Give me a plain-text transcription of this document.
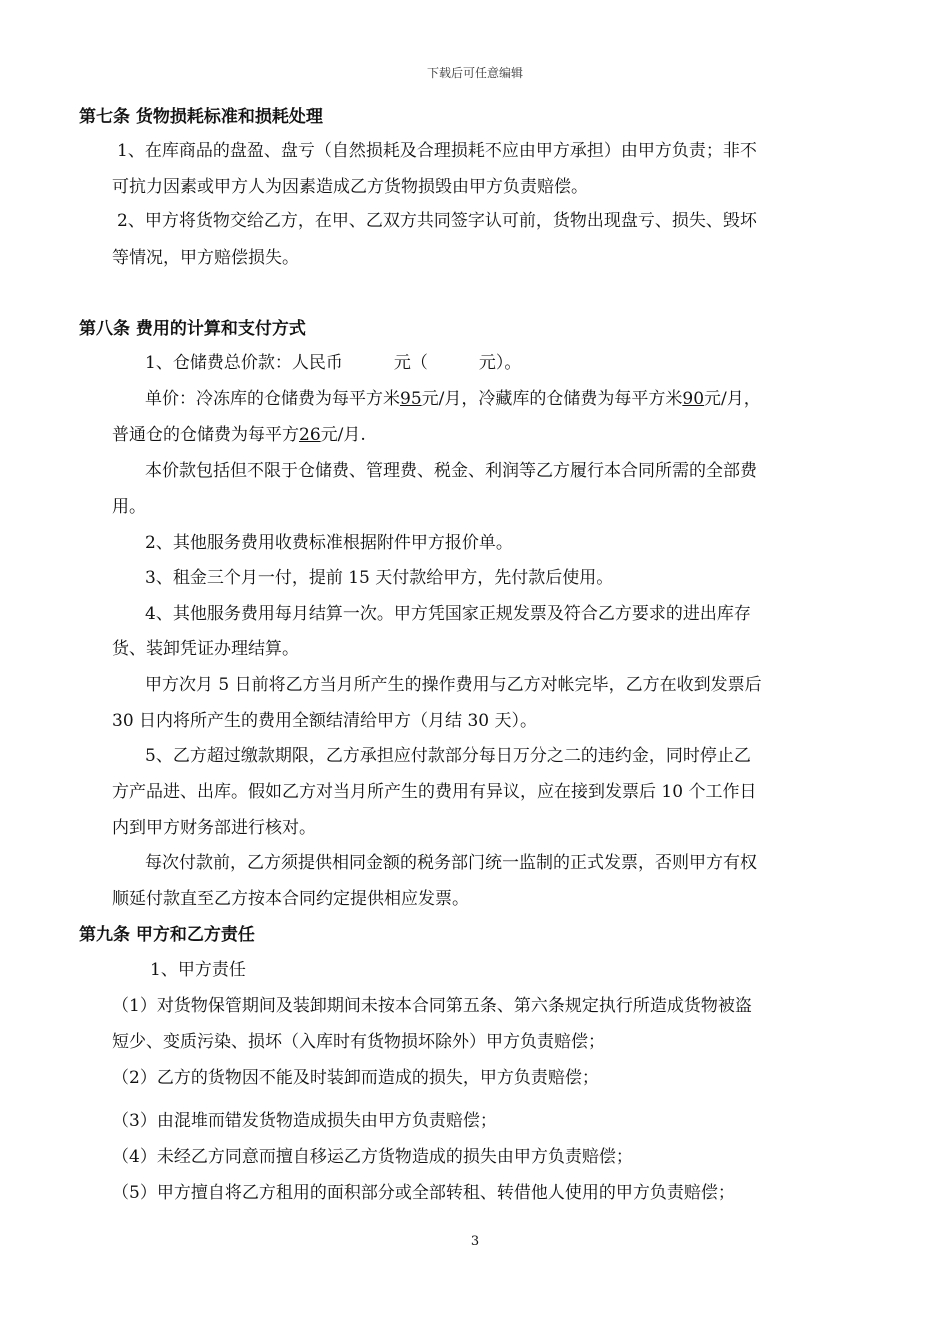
下载后可任意编辑
第七条 货物损耗标准和损耗处理
1、在库商品的盘盈、盘亏（自然损耗及合理损耗不应由甲方承担）由甲方负责；非不
可抗力因素或甲方人为因素造成乙方货物损毁由甲方负责赔偿。
2、甲方将货物交给乙方，在甲、乙双方共同签字认可前，货物出现盘亏、损失、毁坏
等情况，甲方赔偿损失。
第八条 费用的计算和支付方式
1、仓储费总价款：人民币　　　元（　　　元）。
单价：冷冻库的仓储费为每平方米95元/月，冷藏库的仓储费为每平方米90元/月，
普通仓的仓储费为每平方26元/月.
本价款包括但不限于仓储费、管理费、税金、利润等乙方履行本合同所需的全部费
用。
2、其他服务费用收费标准根据附件甲方报价单。
3、租金三个月一付，提前 15 天付款给甲方，先付款后使用。
4、其他服务费用每月结算一次。甲方凭国家正规发票及符合乙方要求的进出库存
货、装卸凭证办理结算。
甲方次月 5 日前将乙方当月所产生的操作费用与乙方对帐完毕，乙方在收到发票后
30 日内将所产生的费用全额结清给甲方（月结 30 天）。
5、乙方超过缴款期限，乙方承担应付款部分每日万分之二的违约金，同时停止乙
方产品进、出库。假如乙方对当月所产生的费用有异议，应在接到发票后 10 个工作日
内到甲方财务部进行核对。
每次付款前，乙方须提供相同金额的税务部门统一监制的正式发票，否则甲方有权
顺延付款直至乙方按本合同约定提供相应发票。
第九条 甲方和乙方责任
1、甲方责任
（1）对货物保管期间及装卸期间未按本合同第五条、第六条规定执行所造成货物被盗
短少、变质污染、损坏（入库时有货物损坏除外）甲方负责赔偿；
（2）乙方的货物因不能及时装卸而造成的损失，甲方负责赔偿；
（3）由混堆而错发货物造成损失由甲方负责赔偿；
（4）未经乙方同意而擅自移运乙方货物造成的损失由甲方负责赔偿；
（5）甲方擅自将乙方租用的面积部分或全部转租、转借他人使用的甲方负责赔偿；
3
